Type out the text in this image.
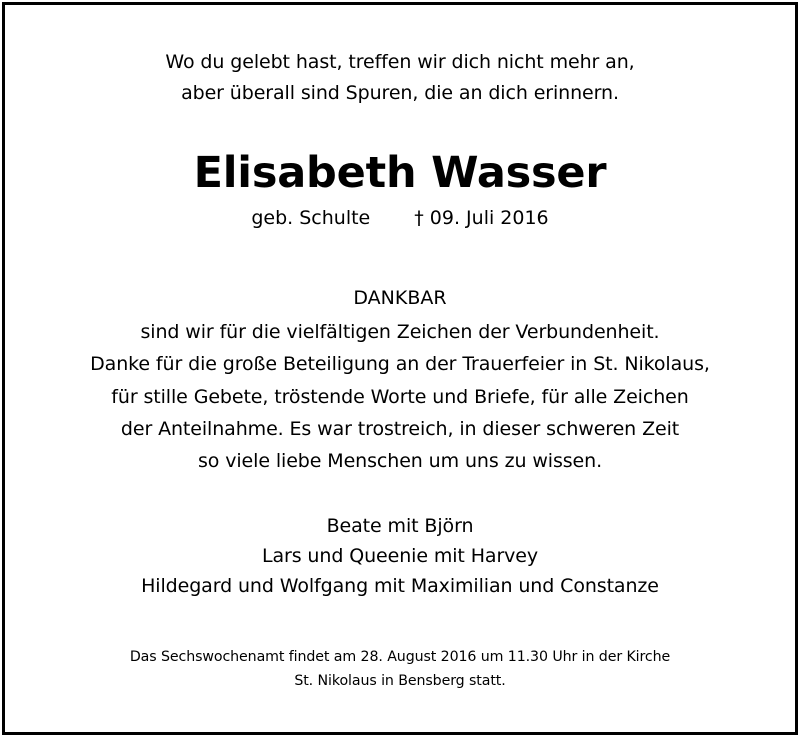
Wo du gelebt hast, treffen wir dich nicht mehr an,
aber überall sind Spuren, die an dich erinnern.
Elisabeth Wasser
geb. Schulte † 09. Juli 2016
DANKBAR
sind wir für die vielfältigen Zeichen der Verbundenheit.
Danke für die große Beteiligung an der Trauerfeier in St. Nikolaus,
für stille Gebete, tröstende Worte und Briefe, für alle Zeichen
der Anteilnahme. Es war trostreich, in dieser schweren Zeit
so viele liebe Menschen um uns zu wissen.
Beate mit Björn
Lars und Queenie mit Harvey
Hildegard und Wolfgang mit Maximilian und Constanze
Das Sechswochenamt findet am 28. August 2016 um 11.30 Uhr in der Kirche
St. Nikolaus in Bensberg statt.
